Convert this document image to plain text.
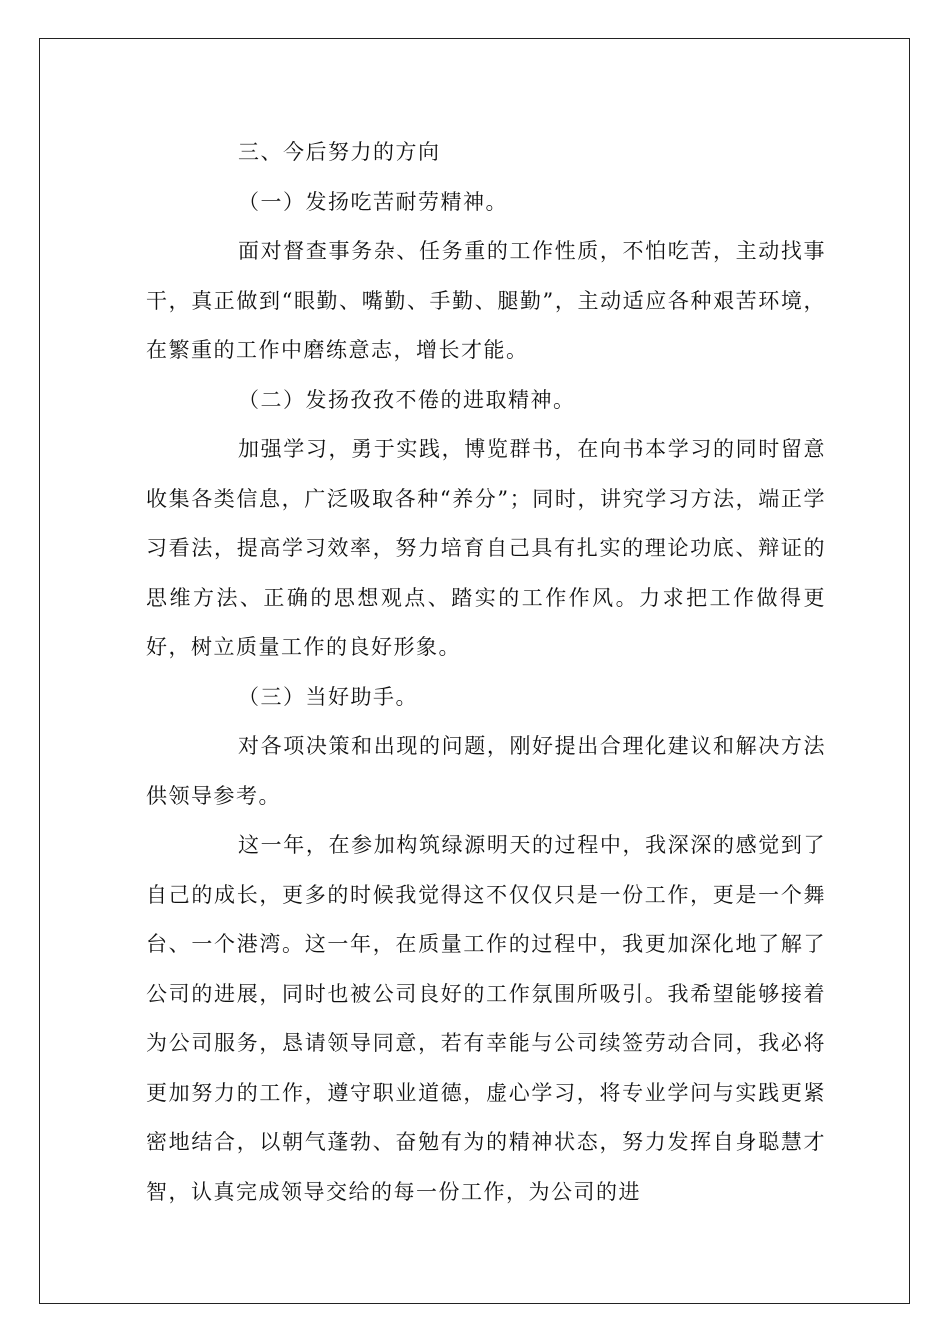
三、今后努力的方向

（一）发扬吃苦耐劳精神。

面对督查事务杂、任务重的工作性质，不怕吃苦，主动找事干，真正做到“眼勤、嘴勤、手勤、腿勤”，主动适应各种艰苦环境，在繁重的工作中磨练意志，增长才能。

（二）发扬孜孜不倦的进取精神。

加强学习，勇于实践，博览群书，在向书本学习的同时留意收集各类信息，广泛吸取各种“养分”；同时，讲究学习方法，端正学习看法，提高学习效率，努力培育自己具有扎实的理论功底、辩证的思维方法、正确的思想观点、踏实的工作作风。力求把工作做得更好，树立质量工作的良好形象。

（三）当好助手。

对各项决策和出现的问题，刚好提出合理化建议和解决方法供领导参考。

这一年，在参加构筑绿源明天的过程中，我深深的感觉到了自己的成长，更多的时候我觉得这不仅仅只是一份工作，更是一个舞台、一个港湾。这一年，在质量工作的过程中，我更加深化地了解了公司的进展，同时也被公司良好的工作氛围所吸引。我希望能够接着为公司服务，恳请领导同意，若有幸能与公司续签劳动合同，我必将更加努力的工作，遵守职业道德，虚心学习，将专业学问与实践更紧密地结合，以朝气蓬勃、奋勉有为的精神状态，努力发挥自身聪慧才智，认真完成领导交给的每一份工作，为公司的进
